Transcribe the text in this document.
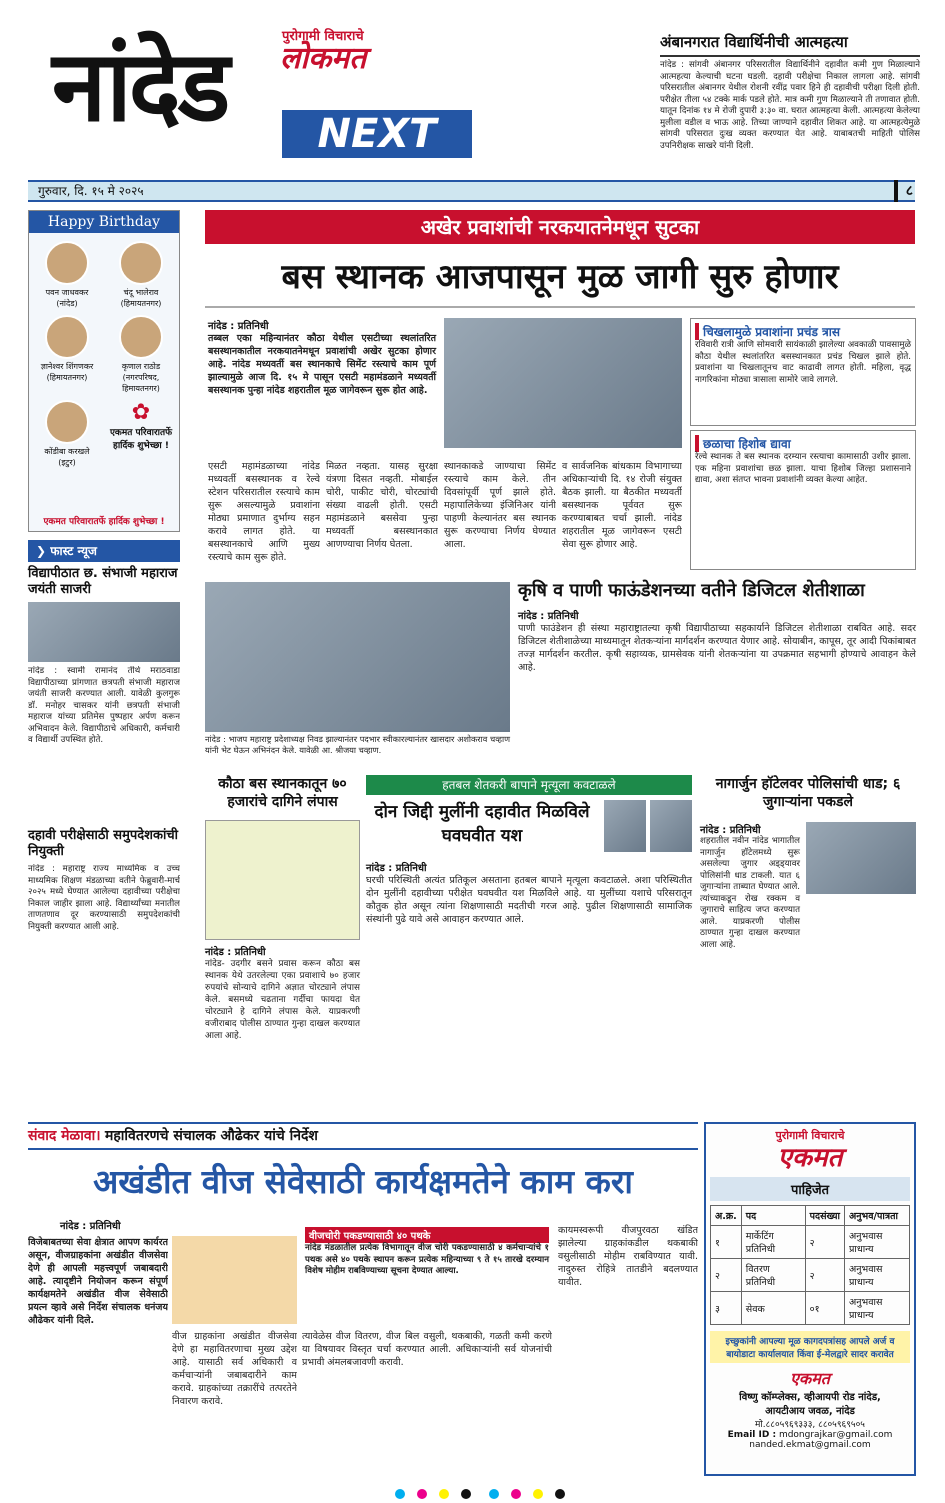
नांदेड	पुरोगामी विचाराचे
लोकमत
NEXT
अंबानगरात विद्यार्थिनीची आत्महत्या
नांदेड : सांगवी अंबानगर परिसरातील विद्यार्थिनीने दहावीत कमी गुण मिळाल्याने आत्महत्या केल्याची घटना घडली. दहावी परीक्षेचा निकाल लागला आहे. सांगवी परिसरातील अंबानगर येथील रोशनी रवींद्र पवार हिने ही दहावीची परीक्षा दिली होती. परीक्षेत तीला ५४ टक्के मार्क पडले होते. मात्र कमी गुण मिळाल्याने ती तणावात होती. यातून दिनांक १४ मे रोजी दुपारी ३:३० वा. घरात आत्महत्या केली. आत्महत्या केलेल्या मुलीला वडील व भाऊ आहे. तिच्या जाण्याने दहावीत शिकत आहे. या आत्महत्येमुळे सांगवी परिसरात दुःख व्यक्त करण्यात येत आहे. याबाबतची माहिती पोलिस उपनिरीक्षक साखरे यांनी दिली.
गुरुवार, दि. १५ मे २०२५	८
Happy Birthday
पवन जाधवकर
(नांदेड)
चंदू भालेराव
(हिमायतनगर)
ज्ञानेश्वर शिंगणकर
(हिमायतनगर)
कृणाल राठोड
(नगरपरिषद, हिमायतनगर)
कोंडीबा करखले
(इटुर)
✿
एकमत परिवारातर्फे हार्दिक शुभेच्छा !
एकमत परिवारातर्फे हार्दिक शुभेच्छा !
अखेर प्रवाशांची नरकयातनेमधून सुटका
बस स्थानक आजपासून मुळ जागी सुरु होणार
नांदेड : प्रतिनिधी
तब्बल एका महिन्यानंतर कौठा येथील एसटीच्या स्थलांतरित बसस्थानकातील नरकयातनेमधून प्रवाशांची अखेर सुटका होणार आहे. नांदेड मध्यवर्ती बस स्थानकाचे सिमेंट रस्त्याचे काम पूर्ण झाल्यामुळे आज दि. १५ मे पासून एसटी महामंडळाने मध्यवर्ती बसस्थानक पुन्हा नांदेड शहरातील मूळ जागेवरून सुरू होत आहे.
एसटी महामंडळाच्या नांदेड मध्यवर्ती बसस्थानक व रेल्वे स्टेशन परिसरातील रस्त्याचे काम सुरू असल्यामुळे प्रवाशांना मोठ्या प्रमाणात दुर्भाग्य सहन करावे लागत होते. या बसस्थानकाचे आणि मुख्य रस्त्याचे काम सुरू होते.
मिळत नव्हता. यासह सुरक्षा यंत्रणा दिसत नव्हती. मोबाईल चोरी, पाकीट चोरी, चोरट्यांची संख्या वाढली होती. एसटी महामंडळाने बससेवा पुन्हा मध्यवर्ती बसस्थानकात आणण्याचा निर्णय घेतला.
स्थानकाकडे जाण्याचा सिमेंट रस्त्याचे काम केले. तीन दिवसांपूर्वी पूर्ण झाले होते. महापालिकेच्या इंजिनिअर यांनी पाहणी केल्यानंतर बस स्थानक सुरू करण्याचा निर्णय घेण्यात आला.
व सार्वजनिक बांधकाम विभागाच्या अधिकाऱ्यांची दि. १४ रोजी संयुक्त बैठक झाली. या बैठकीत मध्यवर्ती बसस्थानक पूर्ववत सुरू करण्याबाबत चर्चा झाली. नांदेड शहरातील मूळ जागेवरून एसटी सेवा सुरू होणार आहे.
चिखलामुळे प्रवाशांना प्रचंड त्रास
रविवारी रात्री आणि सोमवारी सायंकाळी झालेल्या अवकाळी पावसामुळे कौठा येथील स्थलांतरित बसस्थानकात प्रचंड चिखल झाले होते. प्रवाशांना या चिखलातूनच वाट काढावी लागत होती. महिला, वृद्ध नागरिकांना मोठ्या त्रासाला सामोरे जावे लागले.
छळाचा हिशोब द्यावा
रेल्वे स्थानक ते बस स्थानक दरम्यान रस्त्याचा कामासाठी उशीर झाला. एक महिना प्रवाशांचा छळ झाला. याचा हिशोब जिल्हा प्रशासनाने द्यावा, अशा संतप्त भावना प्रवाशांनी व्यक्त केल्या आहेत.
❯ फास्ट न्यूज
विद्यापीठात छ. संभाजी महाराज जयंती साजरी
नांदेड : स्वामी रामानंद तीर्थ मराठवाडा विद्यापीठाच्या प्रांगणात छत्रपती संभाजी महाराज जयंती साजरी करण्यात आली. यावेळी कुलगुरू डॉ. मनोहर चासकर यांनी छत्रपती संभाजी महाराज यांच्या प्रतिमेस पुष्पहार अर्पण करून अभिवादन केले. विद्यापीठाचे अधिकारी, कर्मचारी व विद्यार्थी उपस्थित होते.
दहावी परीक्षेसाठी समुपदेशकांची नियुक्ती
नांदेड : महाराष्ट्र राज्य माध्यमिक व उच्च माध्यमिक शिक्षण मंडळाच्या वतीने फेब्रुवारी-मार्च २०२५ मध्ये घेण्यात आलेल्या दहावीच्या परीक्षेचा निकाल जाहीर झाला आहे. विद्यार्थ्यांच्या मनातील ताणतणाव दूर करण्यासाठी समुपदेशकांची नियुक्ती करण्यात आली आहे.
नांदेड : भाजप महाराष्ट्र प्रदेशाध्यक्ष निवड झाल्यानंतर पदभार स्वीकारल्यानंतर खासदार अशोकराव चव्हाण यांनी भेट घेऊन अभिनंदन केले. यावेळी आ. श्रीजया चव्हाण.
कृषि व पाणी फाऊंडेशनच्या वतीने डिजिटल शेतीशाळा
नांदेड : प्रतिनिधी
पाणी फाउंडेशन ही संस्था महाराष्ट्रातल्या कृषी विद्यापीठाच्या सहकार्याने डिजिटल शेतीशाळा राबवित आहे. सदर डिजिटल शेतीशाळेच्या माध्यमातून शेतकऱ्यांना मार्गदर्शन करण्यात येणार आहे. सोयाबीन, कापूस, तूर आदी पिकांबाबत तज्ज्ञ मार्गदर्शन करतील. कृषी सहाय्यक, ग्रामसेवक यांनी शेतकऱ्यांना या उपक्रमात सहभागी होण्याचे आवाहन केले आहे.
कौठा बस स्थानकातून ७० हजारांचे दागिने लंपास
नांदेड : प्रतिनिधी
नांदेड- उदगीर बसने प्रवास करून कौठा बस स्थानक येथे उतरलेल्या एका प्रवाशाचे ७० हजार रुपयांचे सोन्याचे दागिने अज्ञात चोरट्याने लंपास केले. बसमध्ये चढताना गर्दीचा फायदा घेत चोरट्याने हे दागिने लंपास केले. याप्रकरणी वजीराबाद पोलीस ठाण्यात गुन्हा दाखल करण्यात आला आहे.
हतबल शेतकरी बापाने मृत्यूला कवटाळले
दोन जिद्दी मुलींनी दहावीत मिळविले घवघवीत यश
नांदेड : प्रतिनिधी
घरची परिस्थिती अत्यंत प्रतिकूल असताना हतबल बापाने मृत्यूला कवटाळले. अशा परिस्थितीत दोन मुलींनी दहावीच्या परीक्षेत घवघवीत यश मिळविले आहे. या मुलींच्या यशाचे परिसरातून कौतुक होत असून त्यांना शिक्षणासाठी मदतीची गरज आहे. पुढील शिक्षणासाठी सामाजिक संस्थांनी पुढे यावे असे आवाहन करण्यात आले.
नागार्जुन हॉटेलवर पोलिसांची धाड; ६ जुगाऱ्यांना पकडले
नांदेड : प्रतिनिधी
शहरातील नवीन नांदेड भागातील नागार्जुन हॉटेलमध्ये सुरू असलेल्या जुगार अड्ड्यावर पोलिसांनी धाड टाकली. यात ६ जुगाऱ्यांना ताब्यात घेण्यात आले. त्यांच्याकडून रोख रक्कम व जुगाराचे साहित्य जप्त करण्यात आले. याप्रकरणी पोलीस ठाण्यात गुन्हा दाखल करण्यात आला आहे.
संवाद मेळावा। महावितरणचे संचालक औढेकर यांचे निर्देश
अखंडीत वीज सेवेसाठी कार्यक्षमतेने काम करा
नांदेड : प्रतिनिधी
विजेबाबतच्या सेवा क्षेत्रात आपण कार्यरत असून, वीजग्राहकांना अखंडीत वीजसेवा देणे ही आपली महत्त्वपूर्ण जबाबदारी आहे. त्यादृष्टीने नियोजन करून संपूर्ण कार्यक्षमतेने अखंडीत वीज सेवेसाठी प्रयत्न व्हावे असे निर्देश संचालक धनंजय औढेकर यांनी दिले.
वीज ग्राहकांना अखंडीत वीजसेवा देणे हा महावितरणाचा मुख्य उद्देश आहे. यासाठी सर्व अधिकारी व कर्मचाऱ्यांनी जबाबदारीने काम करावे. ग्राहकांच्या तक्रारींचे तत्परतेने निवारण करावे.
वीजचोरी पकडण्यासाठी ४० पथके
नांदेड मंडळातील प्रत्येक विभागातून वीज चोरी पकडण्यासाठी ४ कर्मचाऱ्यांचे १ पथक असे ४० पथके स्थापन करून प्रत्येक महिन्याच्या ९ ते १५ तारखे दरम्यान विशेष मोहीम राबविण्याच्या सूचना देण्यात आल्या.
त्यावेळेस वीज वितरण, वीज बिल वसुली, थकबाकी, गळती कमी करणे या विषयावर विस्तृत चर्चा करण्यात आली. अधिकाऱ्यांनी सर्व योजनांची प्रभावी अंमलबजावणी करावी.
कायमस्वरूपी वीजपुरवठा खंडित झालेल्या ग्राहकांकडील थकबाकी वसुलीसाठी मोहीम राबविण्यात यावी. नादुरुस्त रोहित्रे तातडीने बदलण्यात यावीत.
पुरोगामी विचाराचे
एकमत
पाहिजेत
अ.क्र.	पद	पदसंख्या	अनुभव/पात्रता
१	मार्केटिंग प्रतिनिधी	२	अनुभवास प्राधान्य
२	वितरण प्रतिनिधी	२	अनुभवास प्राधान्य
३	सेवक	०१	अनुभवास प्राधान्य
इच्छुकांनी आपल्या मूळ कागदपत्रांसह आपले अर्ज व बायोडाटा कार्यालयात किंवा ई-मेलद्वारे सादर करावेत
एकमत
विष्णु कॉम्प्लेक्स, व्हीआयपी रोड नांदेड,
आयटीआय जवळ, नांदेड
मो.८८०५९६९३३३, ८८०५९६९५०५
Email ID : mdongrajkar@gmail.com
nanded.ekmat@gmail.com
